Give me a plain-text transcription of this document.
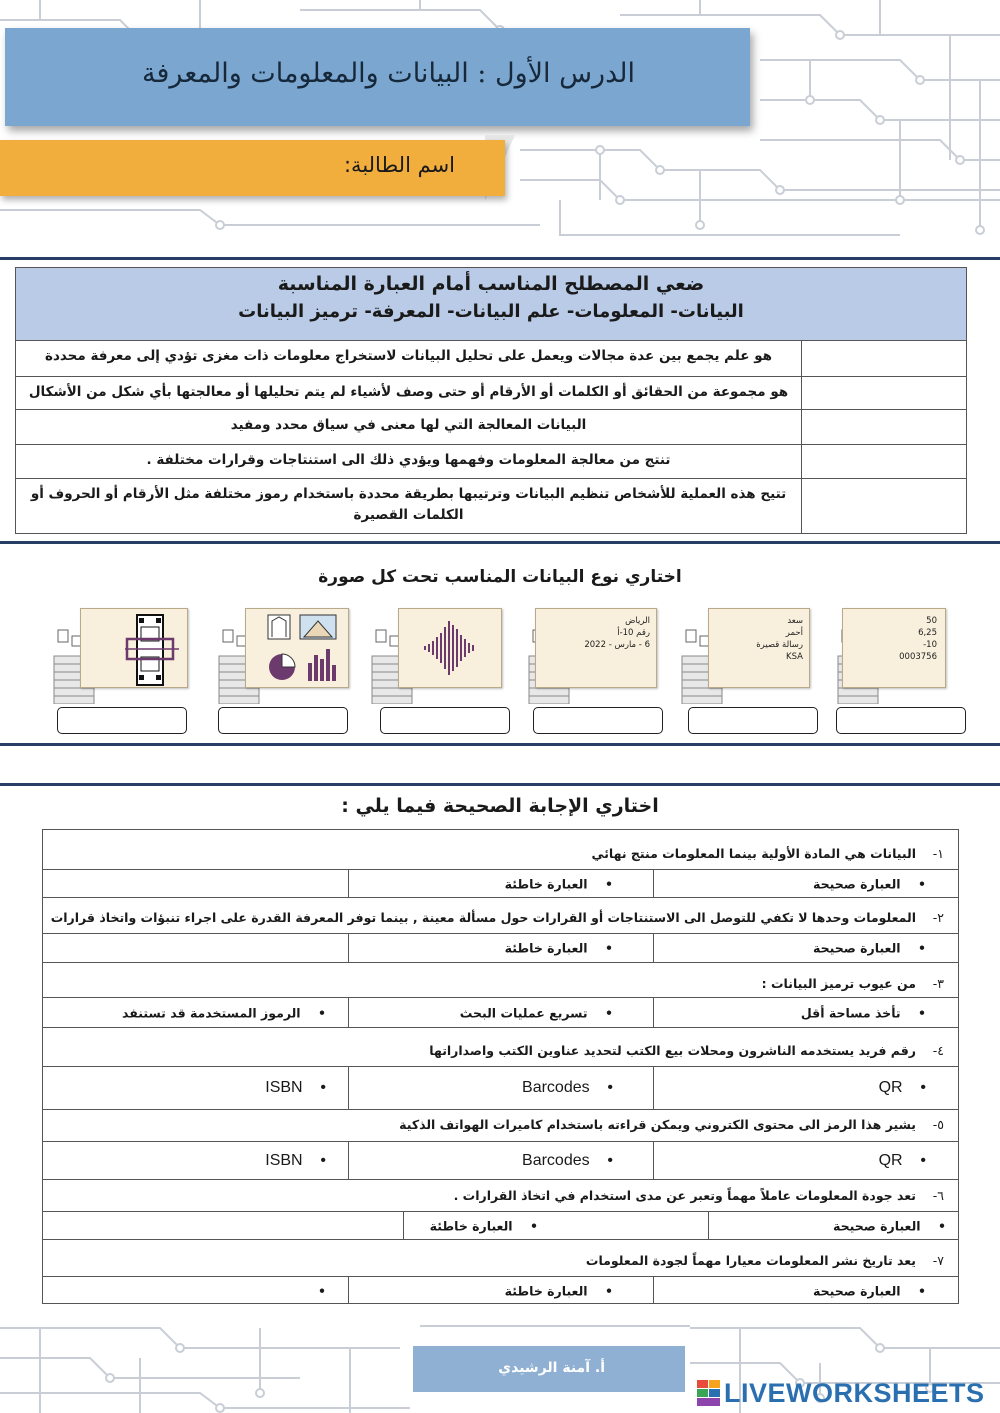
الدرس الأول : البيانات والمعلومات والمعرفة
اسم الطالبة:
ضعي المصطلح المناسب أمام العبارة المناسبة
البيانات- المعلومات- علم البيانات- المعرفة- ترميز البيانات
هو علم يجمع بين عدة مجالات ويعمل على تحليل البيانات لاستخراج معلومات ذات مغزى تؤدي إلى معرفة محددة
هو مجموعة من الحقائق أو الكلمات أو الأرقام أو حتى وصف لأشياء لم يتم تحليلها أو معالجتها بأي شكل من الأشكال
البيانات المعالجة التي لها معنى في سياق محدد ومفيد
تنتج من معالجة المعلومات وفهمها ويؤدي ذلك الى استنتاجات وقرارات مختلفة .
تتيح هذه العملية للأشخاص تنظيم البيانات وترتيبها بطريقة محددة باستخدام رموز مختلفة مثل الأرقام أو الحروف أو الكلمات القصيرة
اختاري نوع البيانات المناسب تحت كل صورة
50
6,25
-10
0003756
سعد
أحمر
رسالة قصيرة
KSA
الرياض
رقم 10-أ
6 - مارس - 2022
اختاري الإجابة الصحيحة فيما يلي :
١-البيانات هي المادة الأولية بينما المعلومات منتج نهائي
•    العبارة صحيحة
•    العبارة خاطئة
٢-المعلومات وحدها لا تكفي للتوصل الى الاستنتاجات أو القرارات حول مسألة معينة , بينما توفر المعرفة القدرة على اجراء تنبؤات واتخاذ قرارات
•    العبارة صحيحة
•    العبارة خاطئة
٣-من عيوب ترميز البيانات :
•    تأخذ مساحة أقل
•    تسريع عمليات البحث
•    الرموز المستخدمة قد تستنفد
٤-رقم فريد يستخدمه الناشرون ومحلات بيع الكتب لتحديد عناوين الكتب واصداراتها
•    QR
•    Barcodes
•    ISBN
٥-يشير هذا الرمز الى محتوى الكتروني ويمكن قراءته باستخدام كاميرات الهواتف الذكية
•    QR
•    Barcodes
•    ISBN
٦-تعد جودة المعلومات عاملاً مهماً وتعبر عن مدى استخدام في اتخاذ القرارات .
•    العبارة صحيحة
•    العبارة خاطئة
٧-يعد تاريخ نشر المعلومات معيارا مهماً لجودة المعلومات
•    العبارة صحيحة
•    العبارة خاطئة
•
أ. آمنة الرشيدي
LIVEWORKSHEETS
